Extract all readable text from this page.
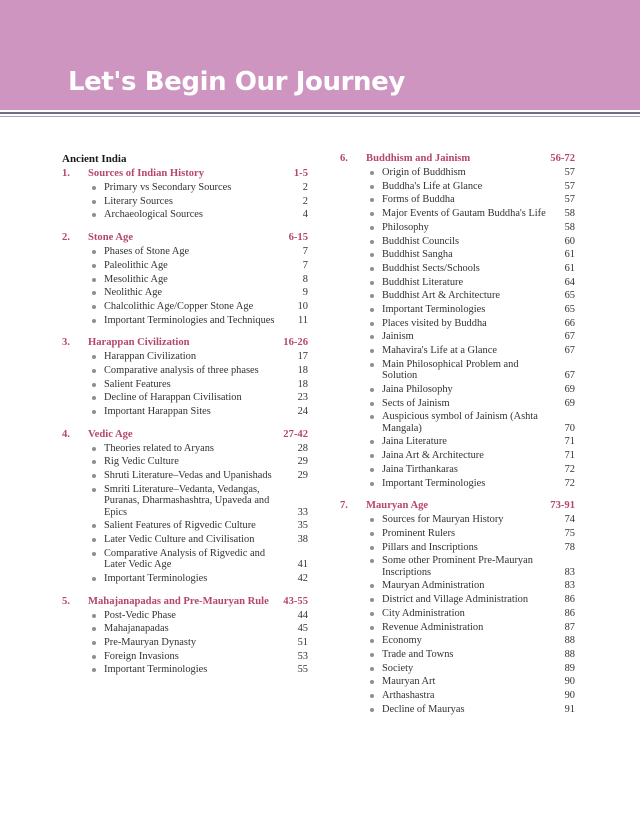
Let's Begin Our Journey
Ancient India
1.	Sources of Indian History	1-5
Primary vs Secondary Sources	2
Literary Sources	2
Archaeological Sources	4
2.	Stone Age	6-15
Phases of Stone Age	7
Paleolithic Age	7
Mesolithic Age	8
Neolithic Age	9
Chalcolithic Age/Copper Stone Age	10
Important Terminologies and Techniques	11
3.	Harappan Civilization	16-26
Harappan Civilization	17
Comparative analysis of three phases	18
Salient Features	18
Decline of Harappan Civilisation	23
Important Harappan Sites	24
4.	Vedic Age	27-42
Theories related to Aryans	28
Rig Vedic Culture	29
Shruti Literature–Vedas and Upanishads	29
Smriti Literature–Vedanta, Vedangas, Puranas, Dharmashashtra, Upaveda and Epics	33
Salient Features of Rigvedic Culture	35
Later Vedic Culture and Civilisation	38
Comparative Analysis of Rigvedic and Later Vedic Age	41
Important Terminologies	42
5.	Mahajanapadas and Pre-Mauryan Rule	43-55
Post-Vedic Phase	44
Mahajanapadas	45
Pre-Mauryan Dynasty	51
Foreign Invasions	53
Important Terminologies	55
6.	Buddhism and Jainism	56-72
Origin of Buddhism	57
Buddha's Life at Glance	57
Forms of Buddha	57
Major Events of Gautam Buddha's Life	58
Philosophy	58
Buddhist Councils	60
Buddhist Sangha	61
Buddhist Sects/Schools	61
Buddhist Literature	64
Buddhist Art & Architecture	65
Important Terminologies	65
Places visited by Buddha	66
Jainism	67
Mahavira's Life at a Glance	67
Main Philosophical Problem and Solution	67
Jaina Philosophy	69
Sects of Jainism	69
Auspicious symbol of Jainism (Ashta Mangala)	70
Jaina Literature	71
Jaina Art & Architecture	71
Jaina Tirthankaras	72
Important Terminologies	72
7.	Mauryan Age	73-91
Sources for Mauryan History	74
Prominent Rulers	75
Pillars and Inscriptions	78
Some other Prominent Pre-Mauryan Inscriptions	83
Mauryan Administration	83
District and Village Administration	86
City Administration	86
Revenue Administration	87
Economy	88
Trade and Towns	88
Society	89
Mauryan Art	90
Arthashastra	90
Decline of Mauryas	91
